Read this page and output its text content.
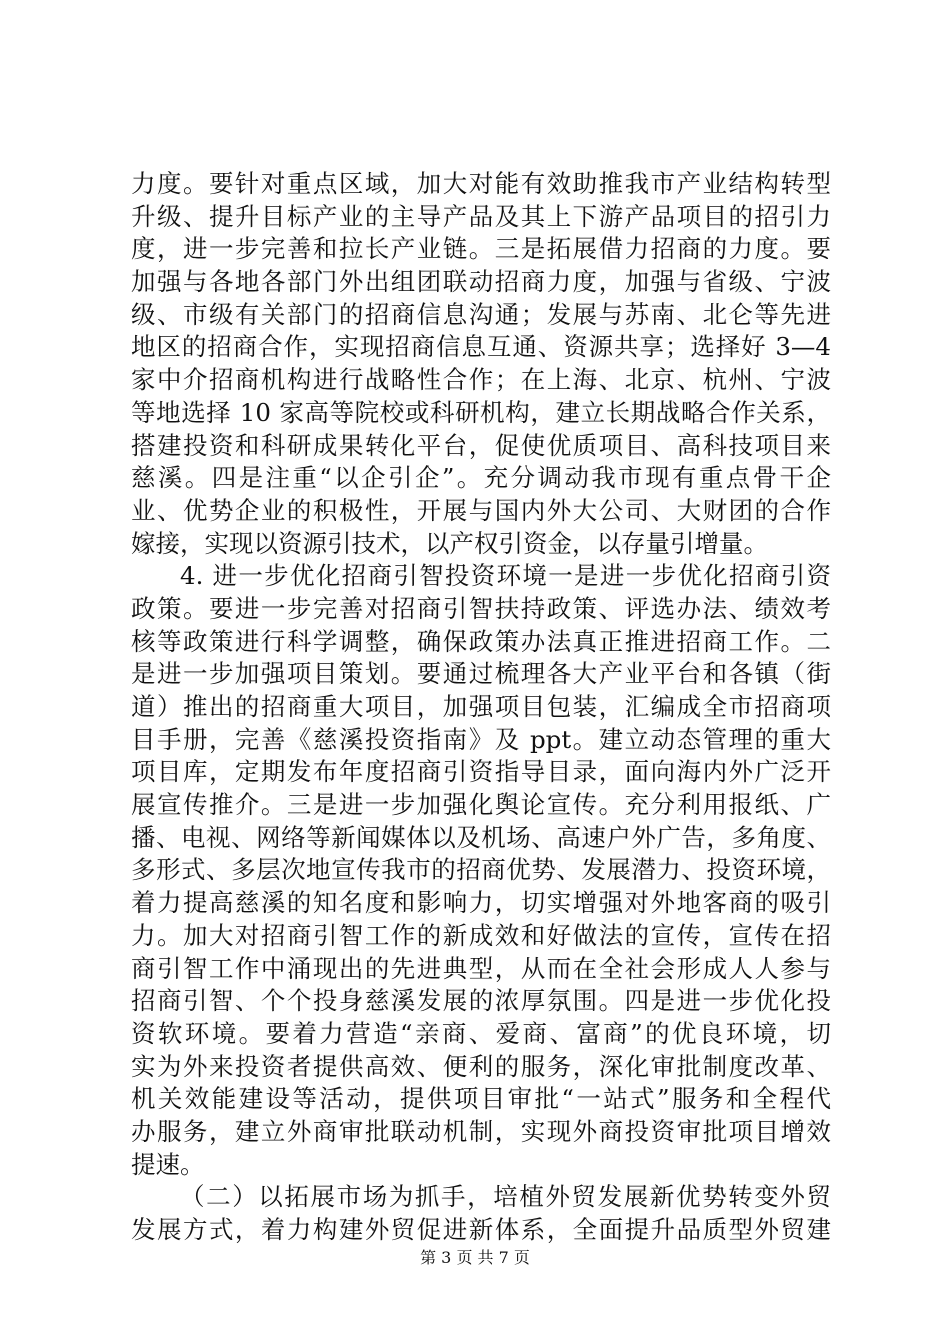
力度。要针对重点区域，加大对能有效助推我市产业结构转型
升级、提升目标产业的主导产品及其上下游产品项目的招引力
度，进一步完善和拉长产业链。三是拓展借力招商的力度。要
加强与各地各部门外出组团联动招商力度，加强与省级、宁波
级、市级有关部门的招商信息沟通；发展与苏南、北仑等先进
地区的招商合作，实现招商信息互通、资源共享；选择好 3—4
家中介招商机构进行战略性合作；在上海、北京、杭州、宁波
等地选择 10 家高等院校或科研机构，建立长期战略合作关系，
搭建投资和科研成果转化平台，促使优质项目、高科技项目来
慈溪。四是注重“以企引企”。充分调动我市现有重点骨干企
业、优势企业的积极性，开展与国内外大公司、大财团的合作
嫁接，实现以资源引技术，以产权引资金，以存量引增量。
4. 进一步优化招商引智投资环境一是进一步优化招商引资
政策。要进一步完善对招商引智扶持政策、评选办法、绩效考
核等政策进行科学调整，确保政策办法真正推进招商工作。二
是进一步加强项目策划。要通过梳理各大产业平台和各镇（街
道）推出的招商重大项目，加强项目包装，汇编成全市招商项
目手册，完善《慈溪投资指南》及 ppt。建立动态管理的重大
项目库，定期发布年度招商引资指导目录，面向海内外广泛开
展宣传推介。三是进一步加强化舆论宣传。充分利用报纸、广
播、电视、网络等新闻媒体以及机场、高速户外广告，多角度、
多形式、多层次地宣传我市的招商优势、发展潜力、投资环境，
着力提高慈溪的知名度和影响力，切实增强对外地客商的吸引
力。加大对招商引智工作的新成效和好做法的宣传，宣传在招
商引智工作中涌现出的先进典型，从而在全社会形成人人参与
招商引智、个个投身慈溪发展的浓厚氛围。四是进一步优化投
资软环境。要着力营造“亲商、爱商、富商”的优良环境，切
实为外来投资者提供高效、便利的服务，深化审批制度改革、
机关效能建设等活动，提供项目审批“一站式”服务和全程代
办服务，建立外商审批联动机制，实现外商投资审批项目增效
提速。
（二）以拓展市场为抓手，培植外贸发展新优势转变外贸
发展方式，着力构建外贸促进新体系，全面提升品质型外贸建
第 3 页 共 7 页
